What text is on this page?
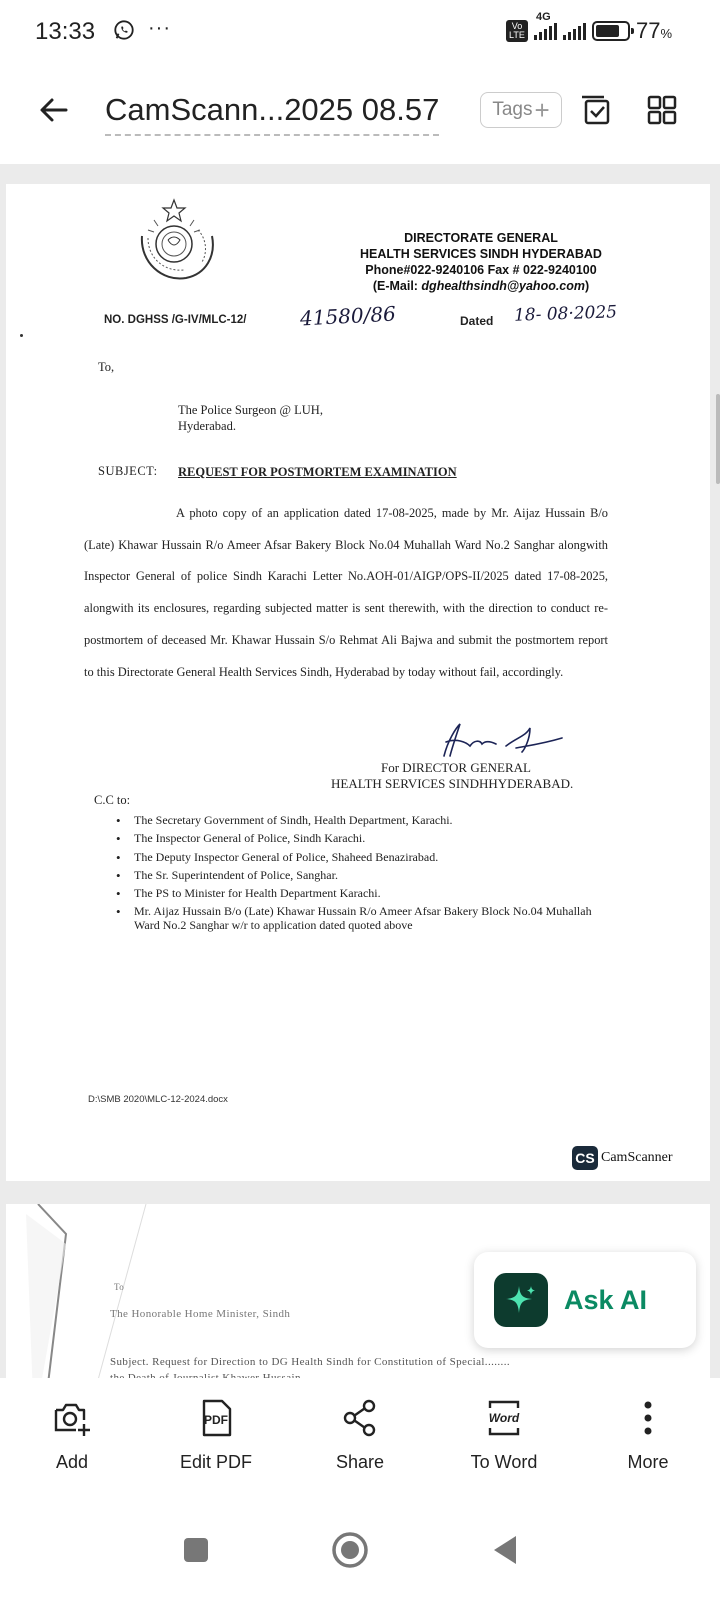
13:33	···	Vo LTE
4G
77%
CamScann...2025 08.57	Tags +
DIRECTORATE GENERAL
HEALTH SERVICES SINDH HYDERABAD
Phone#022-9240106 Fax # 022-9240100
(E-Mail: dghealthsindh@yahoo.com)
NO. DGHSS /G-IV/MLC-12/	41580/86	Dated 18- 08·2025
To,
The Police Surgeon @ LUH,
Hyderabad.
SUBJECT: REQUEST FOR POSTMORTEM EXAMINATION
A photo copy of an application dated 17-08-2025, made by Mr. Aijaz Hussain B/o (Late) Khawar Hussain R/o Ameer Afsar Bakery Block No.04 Muhallah Ward No.2 Sanghar alongwith Inspector General of police Sindh Karachi Letter No.AOH-01/AIGP/OPS-II/2025 dated 17-08-2025, alongwith its enclosures, regarding subjected matter is sent therewith, with the direction to conduct re-postmortem of deceased Mr. Khawar Hussain S/o Rehmat Ali Bajwa and submit the postmortem report to this Directorate General Health Services Sindh, Hyderabad by today without fail, accordingly.
For DIRECTOR GENERAL
HEALTH SERVICES SINDHHYDERABAD.
C.C to:
• The Secretary Government of Sindh, Health Department, Karachi.
• The Inspector General of Police, Sindh Karachi.
• The Deputy Inspector General of Police, Shaheed Benazirabad.
• The Sr. Superintendent of Police, Sanghar.
• The PS to Minister for Health Department Karachi.
• Mr. Aijaz Hussain B/o (Late) Khawar Hussain R/o Ameer Afsar Bakery Block No.04 Muhallah Ward No.2 Sanghar w/r to application dated quoted above
D:\SMB 2020\MLC-12-2024.docx
CS CamScanner
To
The Honorable Home Minister, Sindh
Subject. Request for Direction to DG Health Sindh for Constitution of Special........
Ask AI
Add
PDF
Edit PDF	Share
Word
To Word	More
